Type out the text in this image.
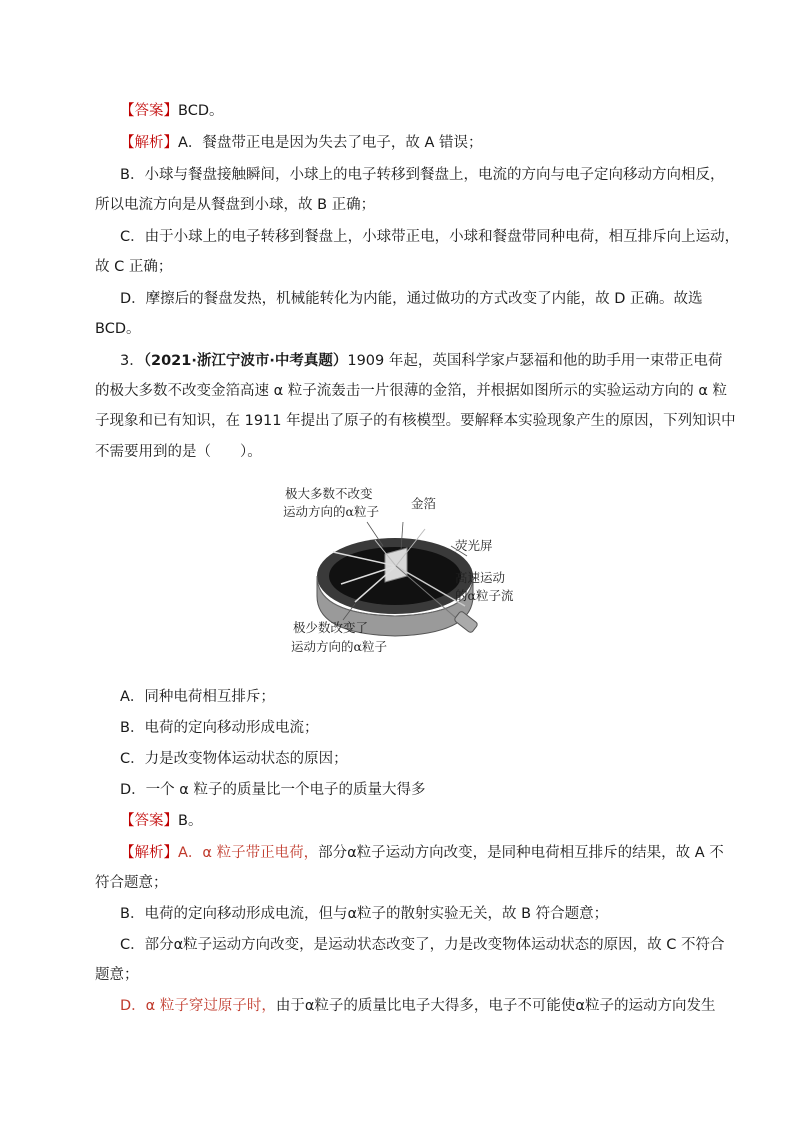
【答案】BCD。
【解析】A．餐盘带正电是因为失去了电子，故 A 错误；
B．小球与餐盘接触瞬间，小球上的电子转移到餐盘上，电流的方向与电子定向移动方向相反，
所以电流方向是从餐盘到小球，故 B 正确；
C．由于小球上的电子转移到餐盘上，小球带正电，小球和餐盘带同种电荷，相互排斥向上运动，
故 C 正确；
D．摩擦后的餐盘发热，机械能转化为内能，通过做功的方式改变了内能，故 D 正确。故选
BCD。
3．（2021·浙江宁波市·中考真题）1909 年起，英国科学家卢瑟福和他的助手用一束带正电荷
的极大多数不改变金箔高速 α 粒子流轰击一片很薄的金箔，并根据如图所示的实验运动方向的 α 粒
子现象和已有知识，在 1911 年提出了原子的有核模型。要解释本实验现象产生的原因，下列知识中
不需要用到的是（　　）。
极大多数不改变
运动方向的α粒子
金箔
荧光屏
高速运动
的α粒子流
极少数改变了
运动方向的α粒子
A．同种电荷相互排斥；
B．电荷的定向移动形成电流；
C．力是改变物体运动状态的原因；
D．一个 α 粒子的质量比一个电子的质量大得多
【答案】B。
【解析】A．α 粒子带正电荷，部分α粒子运动方向改变，是同种电荷相互排斥的结果，故 A 不
符合题意；
B．电荷的定向移动形成电流，但与α粒子的散射实验无关，故 B 符合题意；
C．部分α粒子运动方向改变，是运动状态改变了，力是改变物体运动状态的原因，故 C 不符合
题意；
D．α 粒子穿过原子时，由于α粒子的质量比电子大得多，电子不可能使α粒子的运动方向发生
